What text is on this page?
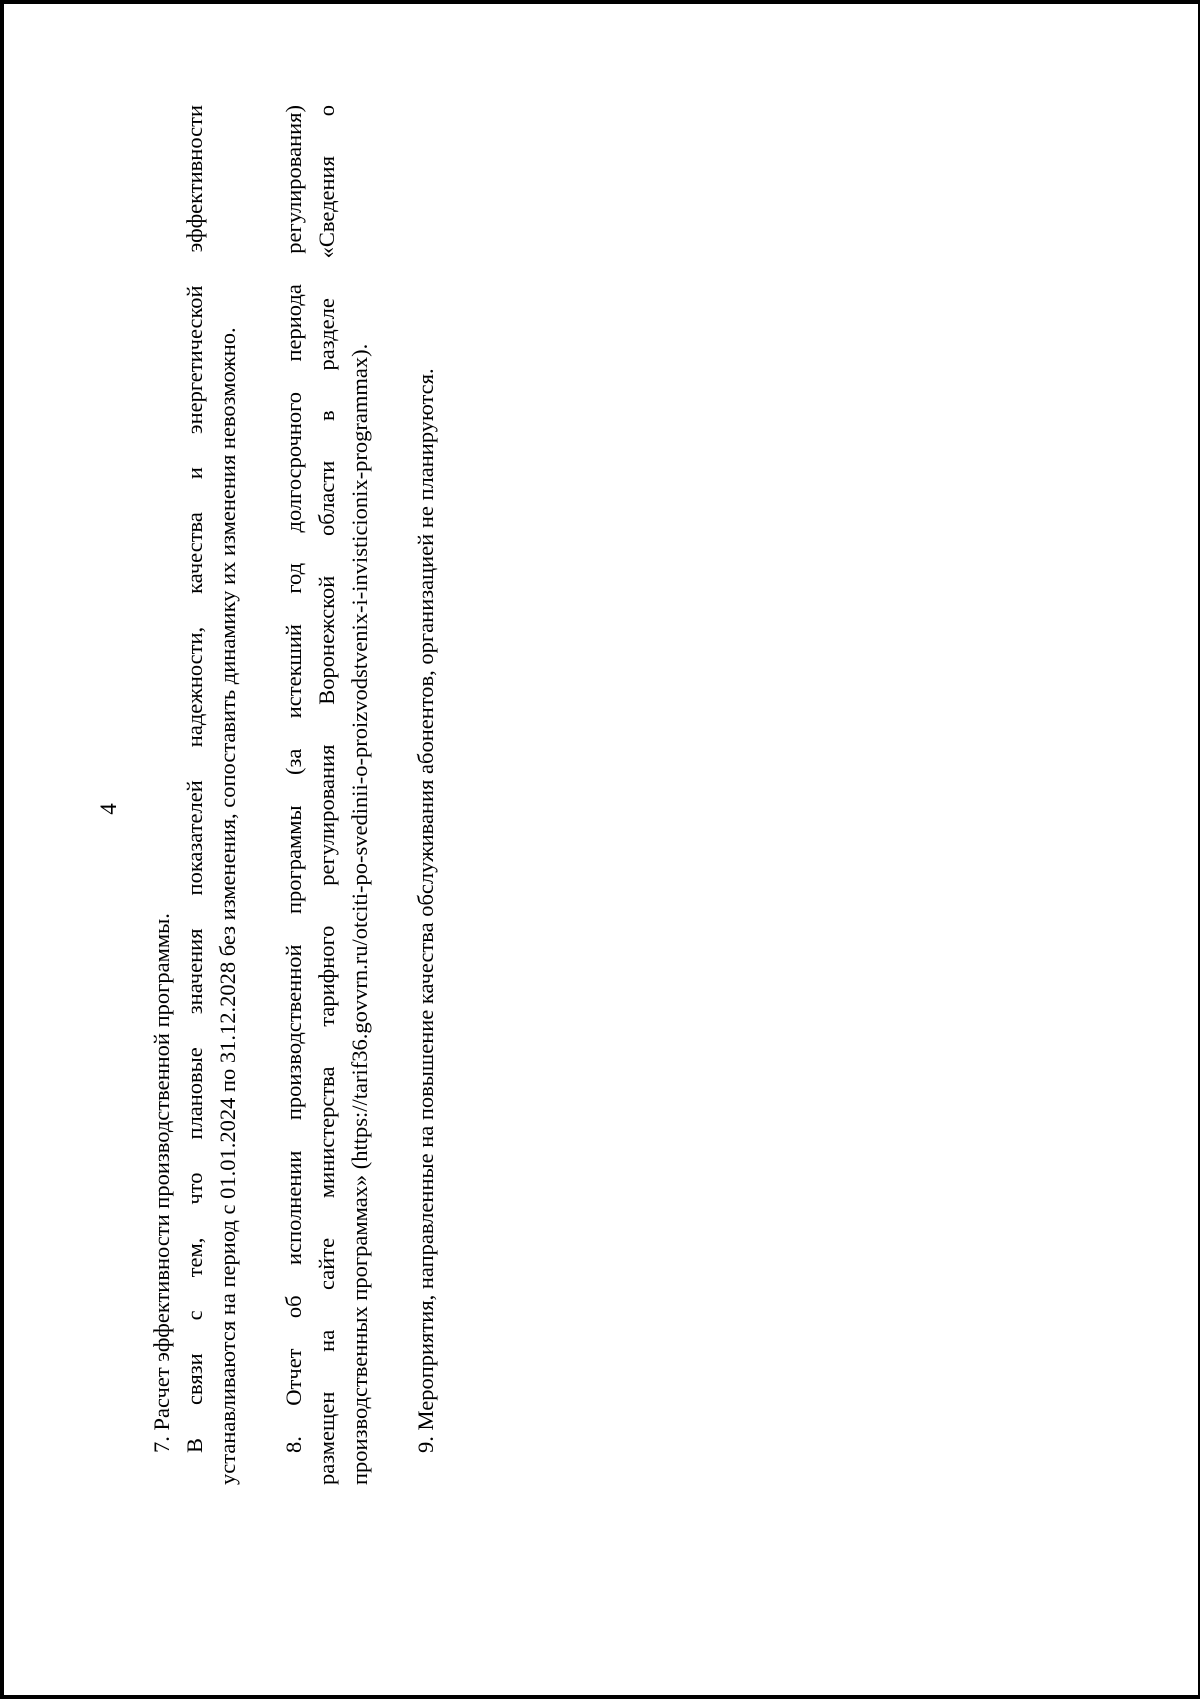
4
7. Расчет эффективности производственной программы. В связи с тем, что плановые значения показателей надежности, качества и энергетической эффективности устанавливаются на период с 01.01.2024 по 31.12.2028 без изменения, сопоставить динамику их изменения невозможно. 8. Отчет об исполнении производственной программы (за истекший год долгосрочного периода регулирования) размещен на сайте министерства тарифного регулирования Воронежской области в разделе «Сведения о производственных программах» (https://tarif36.govvrn.ru/otciti-po-svedinii-o-proizvodstvenix-i-invisticionix-programmax). 9. Мероприятия, направленные на повышение качества обслуживания абонентов, организацией не планируются.
